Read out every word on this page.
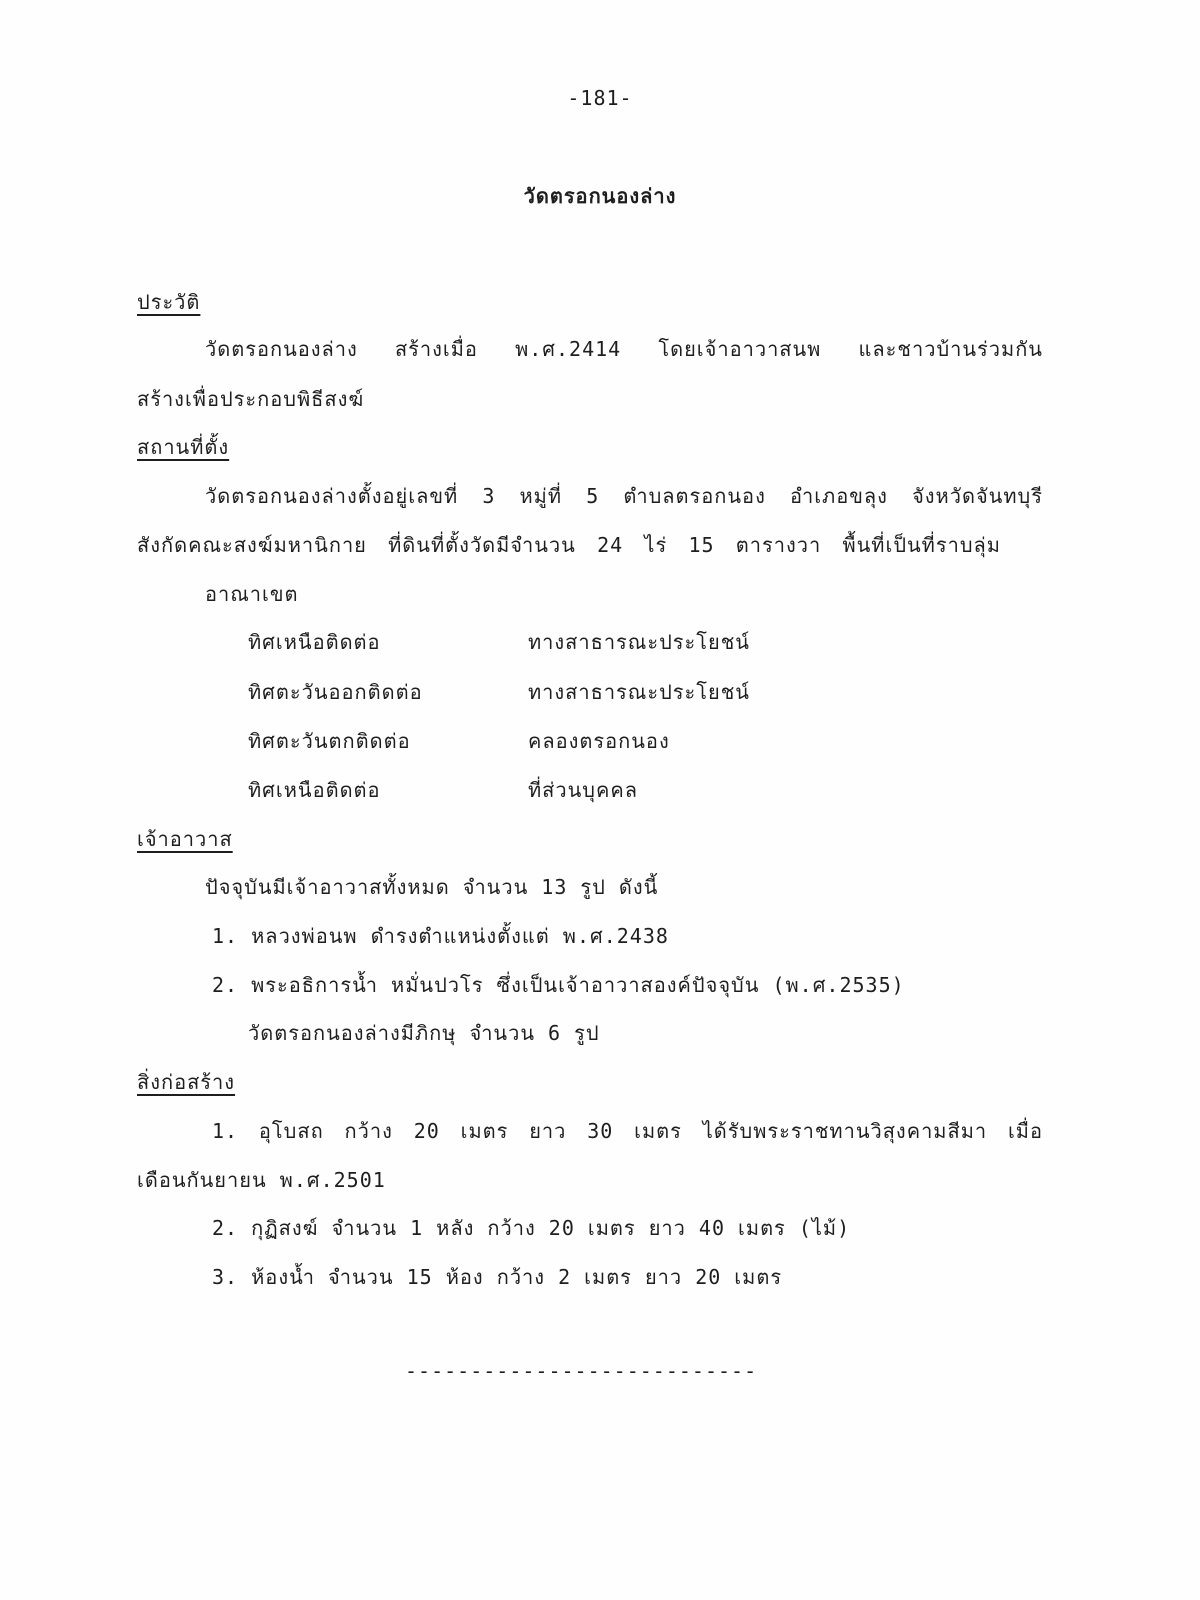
-181-
วัดตรอกนองล่าง
ประวัติ
วัดตรอกนองล่าง สร้างเมื่อ พ.ศ.2414 โดยเจ้าอาวาสนพ และชาวบ้านร่วมกัน
สร้างเพื่อประกอบพิธีสงฆ์
สถานที่ตั้ง
วัดตรอกนองล่างตั้งอยู่เลขที่ 3 หมู่ที่ 5 ตำบลตรอกนอง อำเภอขลุง จังหวัดจันทบุรี
สังกัดคณะสงฆ์มหานิกาย ที่ดินที่ตั้งวัดมีจำนวน 24 ไร่ 15 ตารางวา พื้นที่เป็นที่ราบลุ่ม
อาณาเขต
ทิศเหนือติดต่อ	ทางสาธารณะประโยชน์
ทิศตะวันออกติดต่อ	ทางสาธารณะประโยชน์
ทิศตะวันตกติดต่อ	คลองตรอกนอง
ทิศเหนือติดต่อ	ที่ส่วนบุคคล
เจ้าอาวาส
ปัจจุบันมีเจ้าอาวาสทั้งหมด จำนวน 13 รูป ดังนี้
1. หลวงพ่อนพ ดำรงตำแหน่งตั้งแต่ พ.ศ.2438
2. พระอธิการน้ำ หมั่นปวโร ซึ่งเป็นเจ้าอาวาสองค์ปัจจุบัน (พ.ศ.2535)
วัดตรอกนองล่างมีภิกษุ จำนวน 6 รูป
สิ่งก่อสร้าง
1. อุโบสถ กว้าง 20 เมตร ยาว 30 เมตร ได้รับพระราชทานวิสุงคามสีมา เมื่อ
เดือนกันยายน พ.ศ.2501
2. กุฏิสงฆ์ จำนวน 1 หลัง กว้าง 20 เมตร ยาว 40 เมตร (ไม้)
3. ห้องน้ำ จำนวน 15 ห้อง กว้าง 2 เมตร ยาว 20 เมตร
---------------------------
